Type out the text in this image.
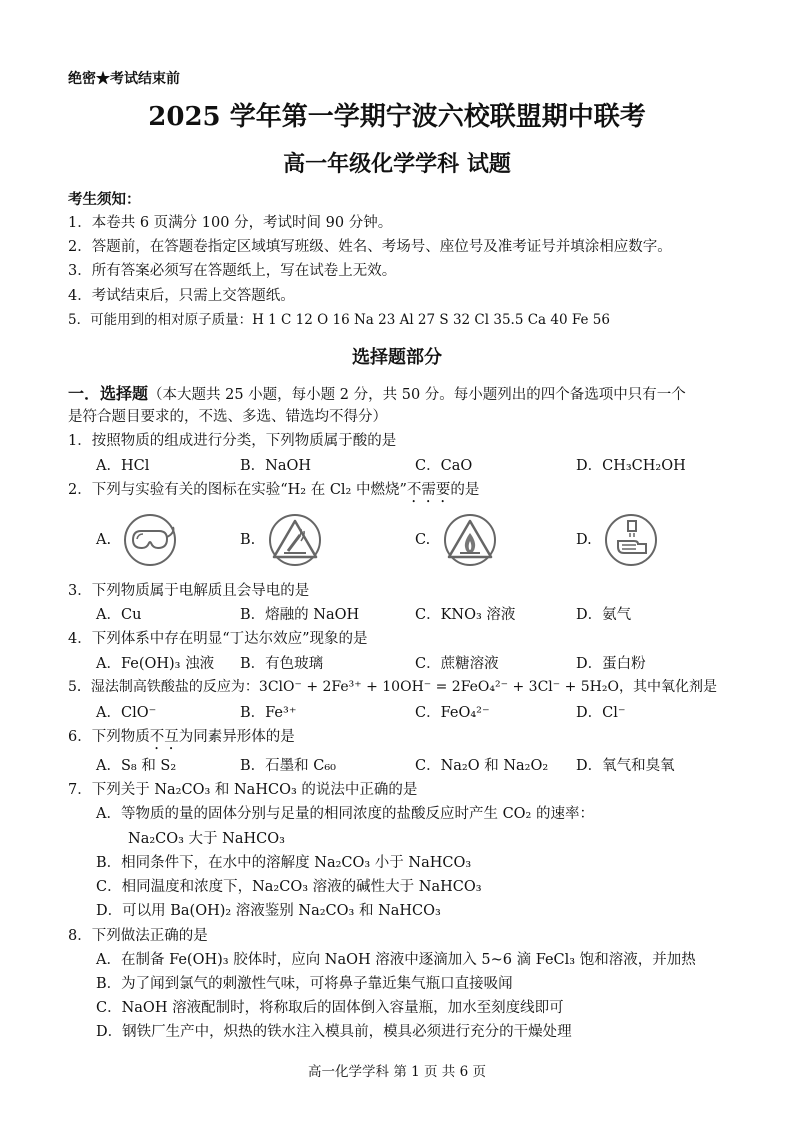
绝密★考试结束前
2025 学年第一学期宁波六校联盟期中联考
高一年级化学学科 试题
考生须知：
1．本卷共 6 页满分 100 分，考试时间 90 分钟。
2．答题前，在答题卷指定区域填写班级、姓名、考场号、座位号及准考证号并填涂相应数字。
3．所有答案必须写在答题纸上，写在试卷上无效。
4．考试结束后，只需上交答题纸。
5．可能用到的相对原子质量：H 1 C 12 O 16 Na 23 Al 27 S 32 Cl 35.5 Ca 40 Fe 56
选择题部分
一．选择题（本大题共 25 小题，每小题 2 分，共 50 分。每小题列出的四个备选项中只有一个
是符合题目要求的，不选、多选、错选均不得分）
1．按照物质的组成进行分类，下列物质属于酸的是
A．HCl	B．NaOH	C．CaO	D．CH₃CH₂OH
2．下列与实验有关的图标在实验“H₂ 在 Cl₂ 中燃烧”不需要的是
A.	B.	C.	D.
3．下列物质属于电解质且会导电的是
A．Cu	B．熔融的 NaOH	C．KNO₃ 溶液	D．氨气
4．下列体系中存在明显“丁达尔效应”现象的是
A．Fe(OH)₃ 浊液 B．有色玻璃	C．蔗糖溶液	D．蛋白粉
5．湿法制高铁酸盐的反应为：3ClO⁻ + 2Fe³⁺ + 10OH⁻ = 2FeO₄²⁻ + 3Cl⁻ + 5H₂O，其中氧化剂是
A．ClO⁻	B．Fe³⁺	C．FeO₄²⁻	D．Cl⁻
6．下列物质不互为同素异形体的是
A．S₈ 和 S₂	B．石墨和 C₆₀	C．Na₂O 和 Na₂O₂ D．氧气和臭氧
7．下列关于 Na₂CO₃ 和 NaHCO₃ 的说法中正确的是
A．等物质的量的固体分别与足量的相同浓度的盐酸反应时产生 CO₂ 的速率：
Na₂CO₃ 大于 NaHCO₃
B．相同条件下，在水中的溶解度 Na₂CO₃ 小于 NaHCO₃
C．相同温度和浓度下，Na₂CO₃ 溶液的碱性大于 NaHCO₃
D．可以用 Ba(OH)₂ 溶液鉴别 Na₂CO₃ 和 NaHCO₃
8．下列做法正确的是
A．在制备 Fe(OH)₃ 胶体时，应向 NaOH 溶液中逐滴加入 5~6 滴 FeCl₃ 饱和溶液，并加热
B．为了闻到氯气的刺激性气味，可将鼻子靠近集气瓶口直接吸闻
C．NaOH 溶液配制时，将称取后的固体倒入容量瓶，加水至刻度线即可
D．钢铁厂生产中，炽热的铁水注入模具前，模具必须进行充分的干燥处理
高一化学学科 第 1 页 共 6 页
